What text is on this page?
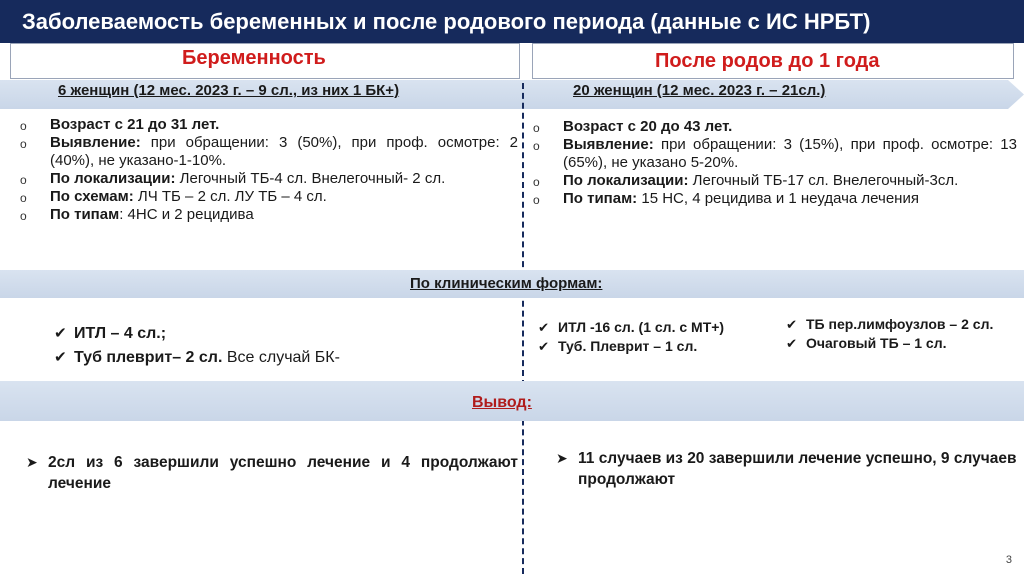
Заболеваемость беременных и после родового периода (данные с ИС НРБТ)
Беременность	После родов до 1 года
6 женщин (12 мес. 2023 г. – 9 сл., из них 1 БК+)	20 женщин (12 мес. 2023 г. – 21сл.)
o Возраст с 21 до 31 лет.
o Выявление: при обращении: 3 (50%), при проф. осмотре: 2 (40%), не указано-1-10%.
o По локализации: Легочный ТБ-4 сл. Внелегочный- 2 сл.
o По схемам: ЛЧ ТБ – 2 сл. ЛУ ТБ – 4 сл.
o По типам: 4НС и 2 рецидива
o Возраст с 20 до 43 лет.
o Выявление: при обращении: 3 (15%), при проф. осмотре: 13 (65%), не указано 5-20%.
o По локализации: Легочный ТБ-17 сл. Внелегочный-3сл.
o По типам: 15 НС, 4 рецидива и 1 неудача лечения
По клиническим формам:
✔ ИТЛ – 4 сл.;
✔ Туб плеврит– 2 сл. Все случай БК-
✔ ИТЛ -16 сл. (1 сл. с МТ+)
✔ Туб. Плеврит – 1 сл.
✔ ТБ пер.лимфоузлов – 2 сл.
✔ Очаговый ТБ – 1 сл.
Вывод:
➤ 2сл из 6 завершили успешно лечение и 4 продолжают лечение
➤ 11 случаев из 20 завершили лечение успешно, 9 случаев продолжают
3
